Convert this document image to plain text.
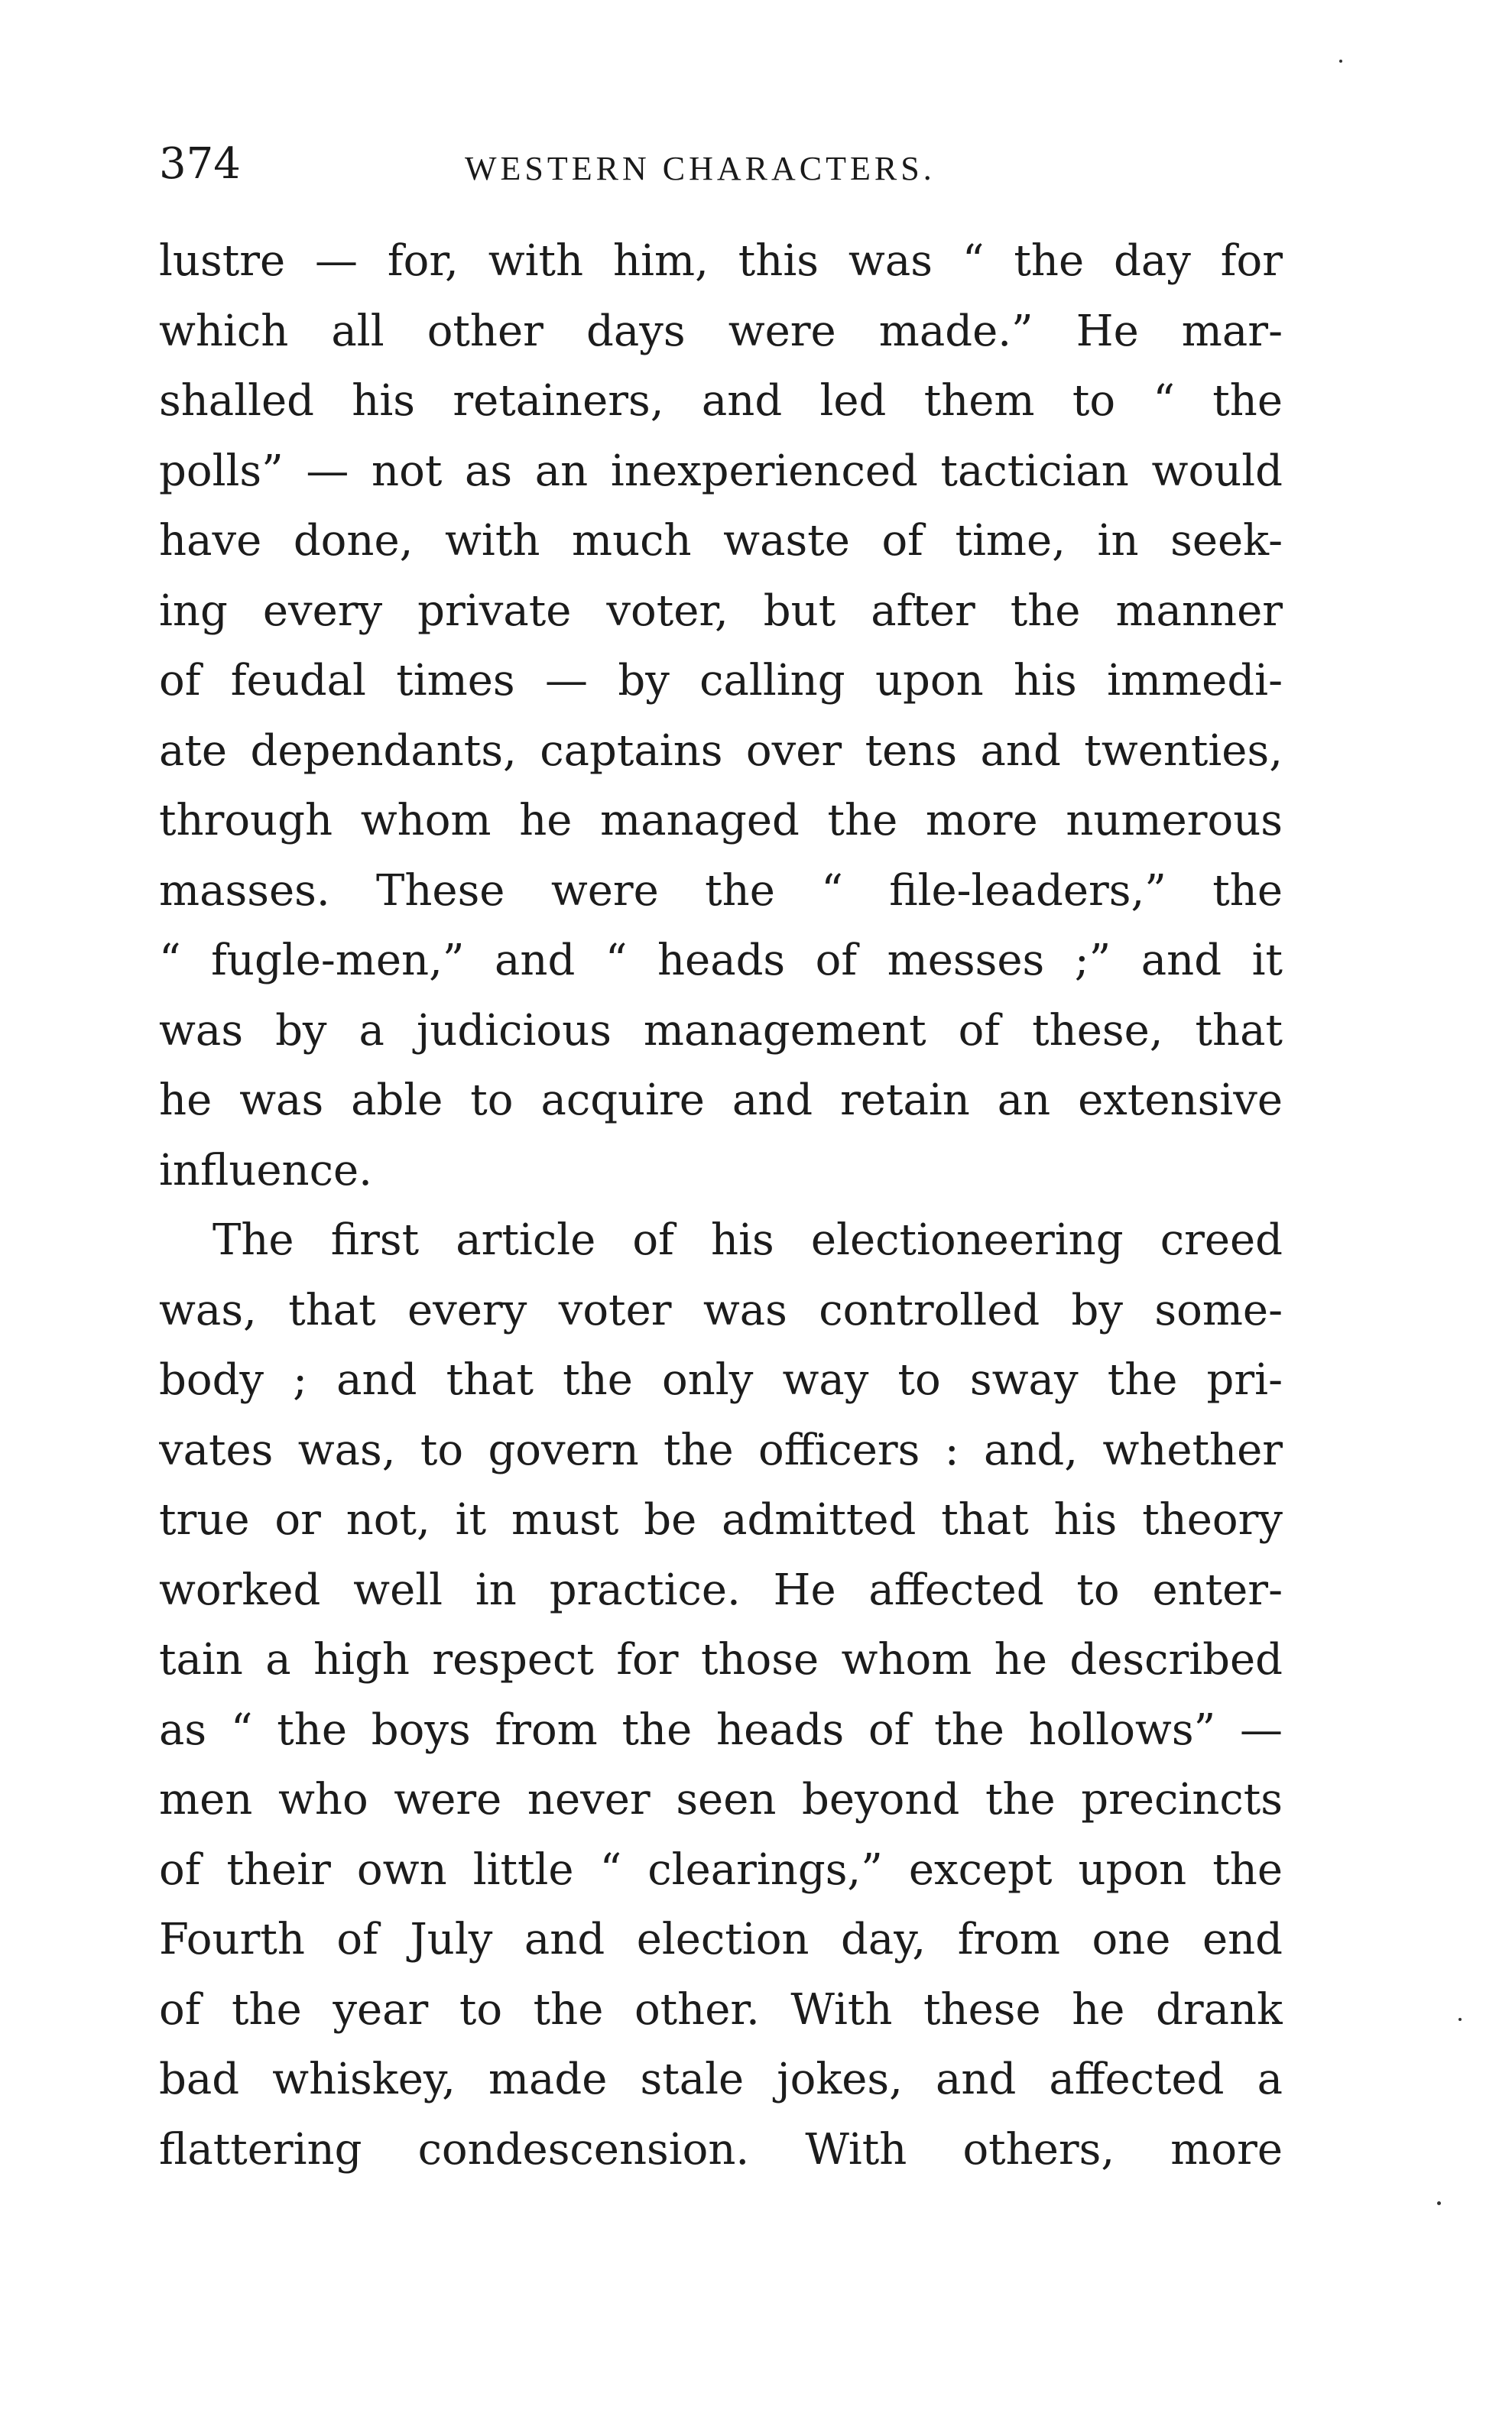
374	WESTERN CHARACTERS.
lustre — for, with him, this was “ the day for
which all other days were made.” He mar-
shalled his retainers, and led them to “ the
polls” — not as an inexperienced tactician would
have done, with much waste of time, in seek-
ing every private voter, but after the manner
of feudal times — by calling upon his immedi-
ate dependants, captains over tens and twenties,
through whom he managed the more numerous
masses. These were the “ file-leaders,” the
“ fugle-men,” and “ heads of messes ;” and it
was by a judicious management of these, that
he was able to acquire and retain an extensive
influence.
The first article of his electioneering creed
was, that every voter was controlled by some-
body ; and that the only way to sway the pri-
vates was, to govern the officers : and, whether
true or not, it must be admitted that his theory
worked well in practice. He affected to enter-
tain a high respect for those whom he described
as “ the boys from the heads of the hollows” —
men who were never seen beyond the precincts
of their own little “ clearings,” except upon the
Fourth of July and election day, from one end
of the year to the other. With these he drank
bad whiskey, made stale jokes, and affected a
flattering condescension. With others, more
